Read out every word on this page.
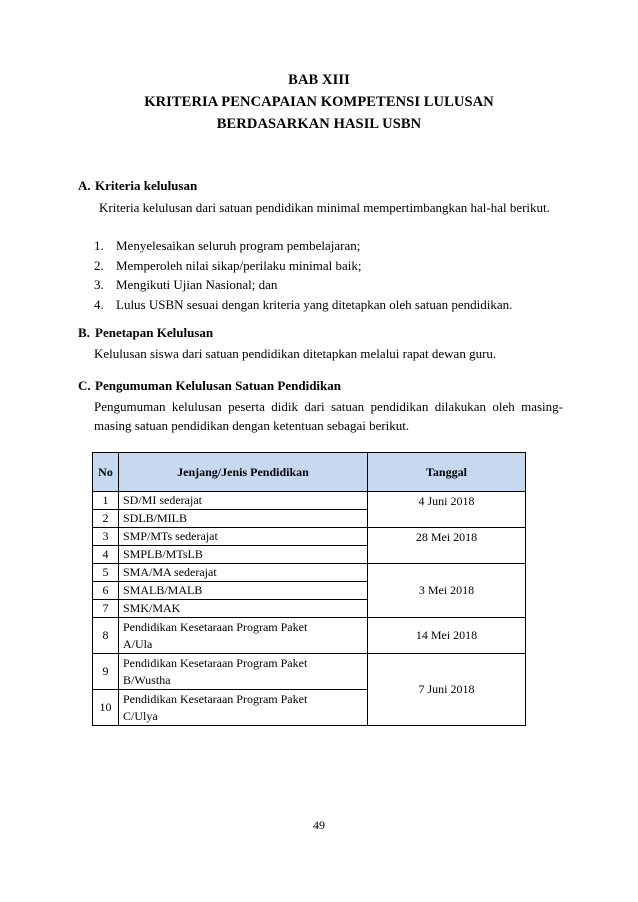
BAB XIII
KRITERIA PENCAPAIAN KOMPETENSI LULUSAN
BERDASARKAN HASIL USBN
A. Kriteria kelulusan
Kriteria kelulusan dari satuan pendidikan minimal mempertimbangkan hal-hal berikut.
1. Menyelesaikan seluruh program pembelajaran;
2. Memperoleh nilai sikap/perilaku minimal baik;
3. Mengikuti Ujian Nasional; dan
4. Lulus USBN sesuai dengan kriteria yang ditetapkan oleh satuan pendidikan.
B. Penetapan Kelulusan
Kelulusan siswa dari satuan pendidikan ditetapkan melalui rapat dewan guru.
C. Pengumuman Kelulusan Satuan Pendidikan
Pengumuman kelulusan peserta didik dari satuan pendidikan dilakukan oleh masing-masing satuan pendidikan dengan ketentuan sebagai berikut.
No	Jenjang/Jenis Pendidikan	Tanggal
1	SD/MI sederajat	4 Juni 2018
2	SDLB/MILB	
3	SMP/MTs sederajat	28 Mei 2018
4	SMPLB/MTsLB	
5	SMA/MA sederajat	3 Mei 2018
6	SMALB/MALB	
7	SMK/MAK	
8	Pendidikan Kesetaraan Program Paket
A/Ula	14 Mei 2018
9	Pendidikan Kesetaraan Program Paket
B/Wustha	7 Juni 2018
10	Pendidikan Kesetaraan Program Paket
C/Ulya	
49
